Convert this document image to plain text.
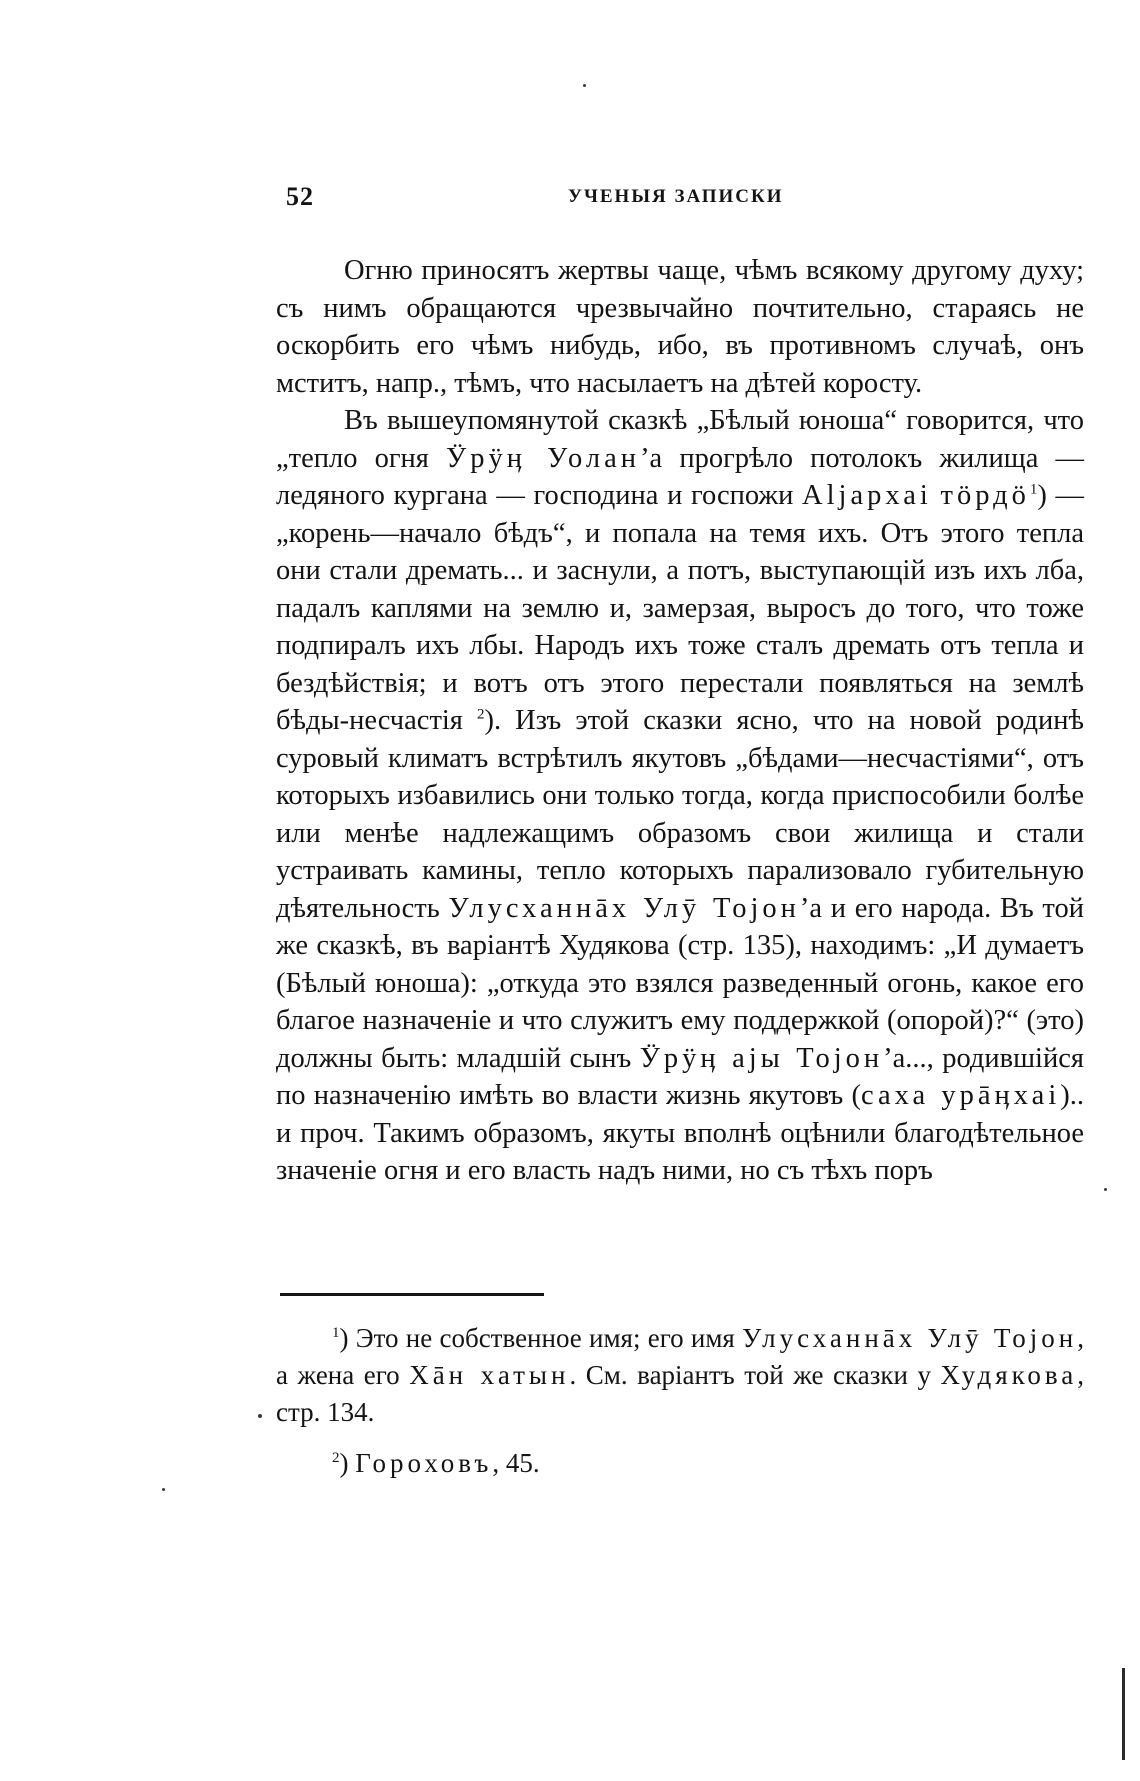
52	УЧЕНЫЯ ЗАПИСКИ

Огню приносятъ жертвы чаще, чѣмъ всякому другому духу; съ нимъ обращаются чрезвычайно почтительно, стараясь не оскорбить его чѣмъ нибудь, ибо, въ противномъ случаѣ, онъ мститъ, напр., тѣмъ, что насылаетъ на дѣтей коросту.

Въ вышеупомянутой сказкѣ „Бѣлый юноша“ говорится, что „тепло огня Ӱрӱӊ Уолан’а прогрѣло потолокъ жилища — ледяного кургана — господина и госпожи Аljархаі тӧрдӧ$^1$) — „корень—начало бѣдъ“, и попала на темя ихъ. Отъ этого тепла они стали дремать... и заснули, а потъ, выступающій изъ ихъ лба, падалъ каплями на землю и, замерзая, выросъ до того, что тоже подпиралъ ихъ лбы. Народъ ихъ тоже сталъ дремать отъ тепла и бездѣйствія; и вотъ отъ этого перестали появляться на землѣ бѣды-несчастія $^2$). Изъ этой сказки ясно, что на новой родинѣ суровый климатъ встрѣтилъ якутовъ „бѣдами—несчастіями“, отъ которыхъ избавились они только тогда, когда приспособили болѣе или менѣе надлежащимъ образомъ свои жилища и стали устраивать камины, тепло которыхъ парализовало губительную дѣятельность Улусханнāх Улӯ Тојон’а и его народа. Въ той же сказкѣ, въ варіантѣ Худякова (стр. 135), находимъ: „И думаетъ (Бѣлый юноша): „откуда это взялся разведенный огонь, какое его благое назначеніе и что служитъ ему поддержкой (опорой)?“ (это) должны быть: младшій сынъ Ӱрӱӊ ајы Тојон’а..., родившійся по назначенію имѣть во власти жизнь якутовъ (саха урāӊхаі).. и проч. Такимъ образомъ, якуты вполнѣ оцѣнили благодѣтельное значеніе огня и его власть надъ ними, но съ тѣхъ поръ

$^1$) Это не собственное имя; его имя Улусханнāх Улӯ Тојон, а жена его Хāн хатын. См. варіантъ той же сказки у Худякова, стр. 134.

$^2$) Гороховъ, 45.
